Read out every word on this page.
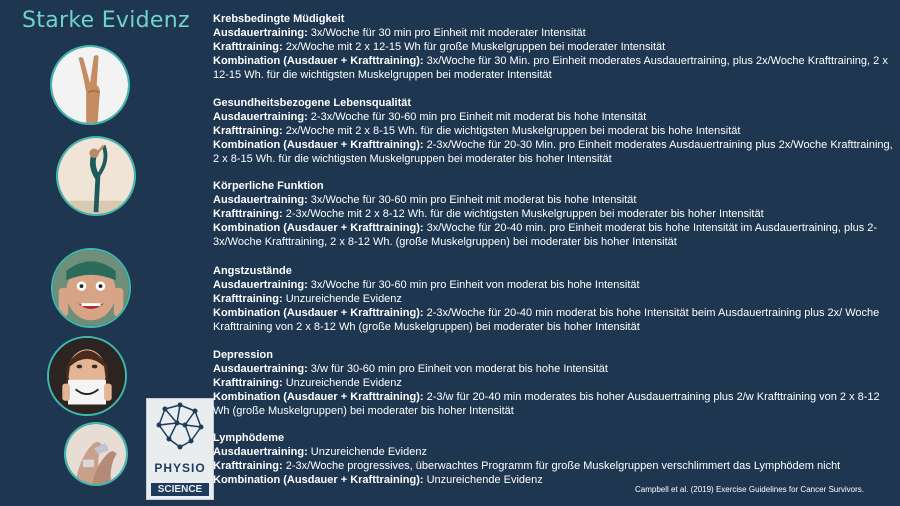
Starke Evidenz
PHYSIO
SCIENCE
Krebsbedingte Müdigkeit
Ausdauertraining: 3x/Woche für 30 min pro Einheit mit moderater Intensität
Krafttraining: 2x/Woche mit 2 x 12-15 Wh für große Muskelgruppen bei moderater Intensität
Kombination (Ausdauer + Krafttraining): 3x/Woche für 30 Min. pro Einheit moderates Ausdauertraining, plus 2x/Woche Krafttraining, 2 x 12-15 Wh. für die wichtigsten Muskelgruppen bei moderater Intensität
Gesundheitsbezogene Lebensqualität
Ausdauertraining: 2-3x/Woche für 30-60 min pro Einheit mit moderat bis hohe Intensität
Krafttraining: 2x/Woche mit 2 x 8-15 Wh. für die wichtigsten Muskelgruppen bei moderat bis hohe Intensität
Kombination (Ausdauer + Krafttraining): 2-3x/Woche für 20-30 Min. pro Einheit moderates Ausdauertraining plus 2x/Woche Krafttraining, 2 x 8-15 Wh. für die wichtigsten Muskelgruppen bei moderater bis hoher Intensität
Körperliche Funktion
Ausdauertraining: 3x/Woche für 30-60 min pro Einheit mit moderat bis hohe Intensität
Krafttraining: 2-3x/Woche mit 2 x 8-12 Wh. für die wichtigsten Muskelgruppen bei moderater bis hoher Intensität
Kombination (Ausdauer + Krafttraining): 3x/Woche für 20-40 min. pro Einheit moderat bis hohe Intensität im Ausdauertraining, plus 2-3x/Woche Krafttraining, 2 x 8-12 Wh. (große Muskelgruppen) bei moderater bis hoher Intensität
Angstzustände
Ausdauertraining: 3x/Woche für 30-60 min pro Einheit von moderat bis hohe Intensität
Krafttraining: Unzureichende Evidenz
Kombination (Ausdauer + Krafttraining): 2-3x/Woche für 20-40 min moderat bis hohe Intensität beim Ausdauertraining plus 2x/ Woche Krafttraining von 2 x 8-12 Wh (große Muskelgruppen) bei moderater bis hoher Intensität
Depression
Ausdauertraining: 3/w für 30-60 min pro Einheit von moderat bis hohe Intensität
Krafttraining: Unzureichende Evidenz
Kombination (Ausdauer + Krafttraining): 2-3/w für 20-40 min moderates bis hoher Ausdauertraining plus 2/w Krafttraining von 2 x 8-12 Wh (große Muskelgruppen) bei moderater bis hoher Intensität
Lymphödeme
Ausdauertraining: Unzureichende Evidenz
Krafttraining: 2-3x/Woche progressives, überwachtes Programm für große Muskelgruppen verschlimmert das Lymphödem nicht
Kombination (Ausdauer + Krafttraining): Unzureichende Evidenz
Campbell et al. (2019) Exercise Guidelines for Cancer Survivors.
